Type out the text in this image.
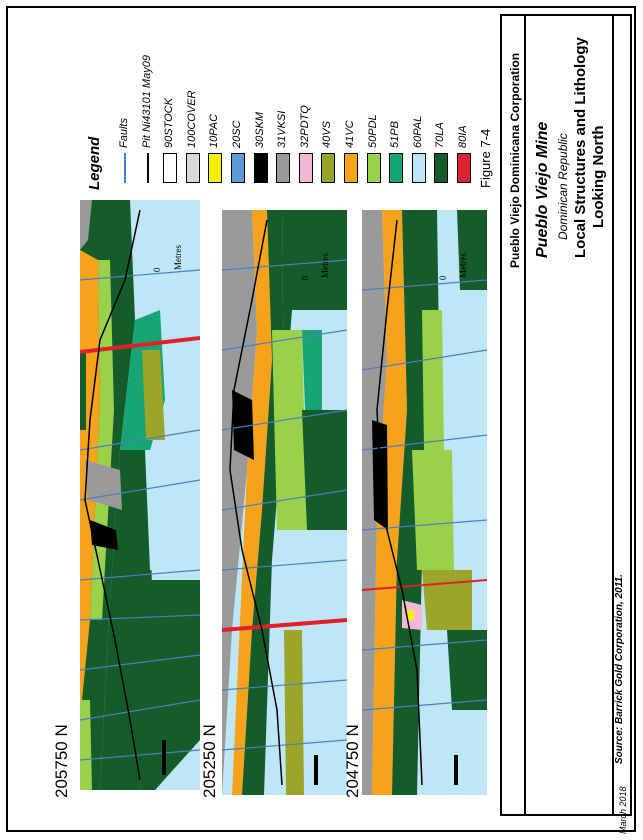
205750 N	205250 N	204750 N
0 Metres
0 Metres	0 Metres
Legend
Faults Pit Ni43101 May09 90STOCK 100COVER 10PAC 20SC 30SKM 31VKSI 32PDTQ 40VS 41VC 50PDL 51PB 60PAL 70LA 80IA Figure 7-4 Pueblo Viejo Dominicana Corporation Pueblo Viejo Mine Dominican Republic Local Structures and Lithology Looking North
Source: Barrick Gold Corporation, 2011.
March 2018
